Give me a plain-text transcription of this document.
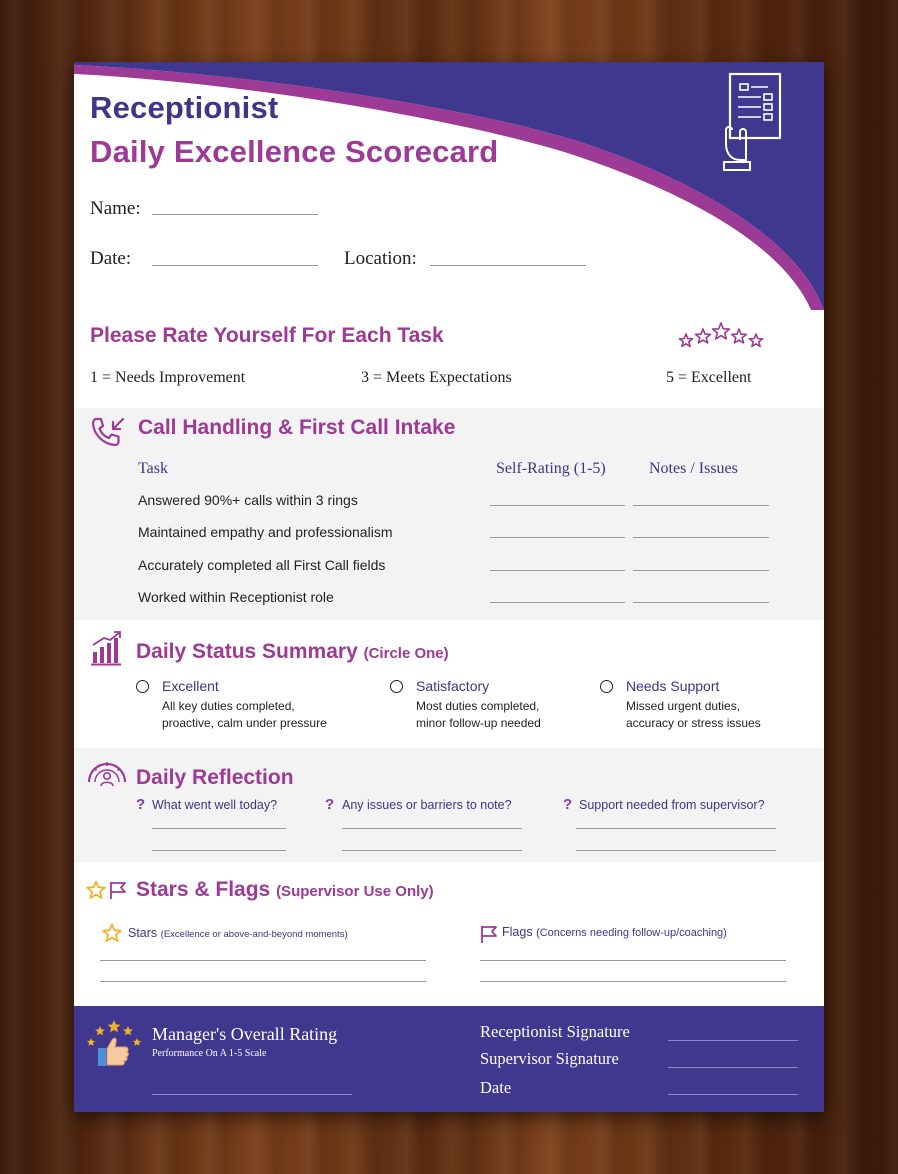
Receptionist
Daily Excellence Scorecard
Name:
Date:	Location:
Please Rate Yourself For Each Task
1 = Needs Improvement	3 = Meets Expectations	5 = Excellent
Call Handling & First Call Intake
Task	Self-Rating (1-5)	Notes / Issues
Answered 90%+ calls within 3 rings
Maintained empathy and professionalism
Accurately completed all First Call fields
Worked within Receptionist role
Daily Status Summary (Circle One)
Excellent
All key duties completed,
proactive, calm under pressure
Satisfactory
Most duties completed,
minor follow-up needed
Needs Support
Missed urgent duties,
accuracy or stress issues
Daily Reflection
? What went well today?	? Any issues or barriers to note?	? Support needed from supervisor?
Stars & Flags (Supervisor Use Only)
Stars (Excellence or above-and-beyond moments)	Flags (Concerns needing follow-up/coaching)
Manager's Overall Rating
Performance On A 1-5 Scale
Receptionist Signature
Supervisor Signature
Date
